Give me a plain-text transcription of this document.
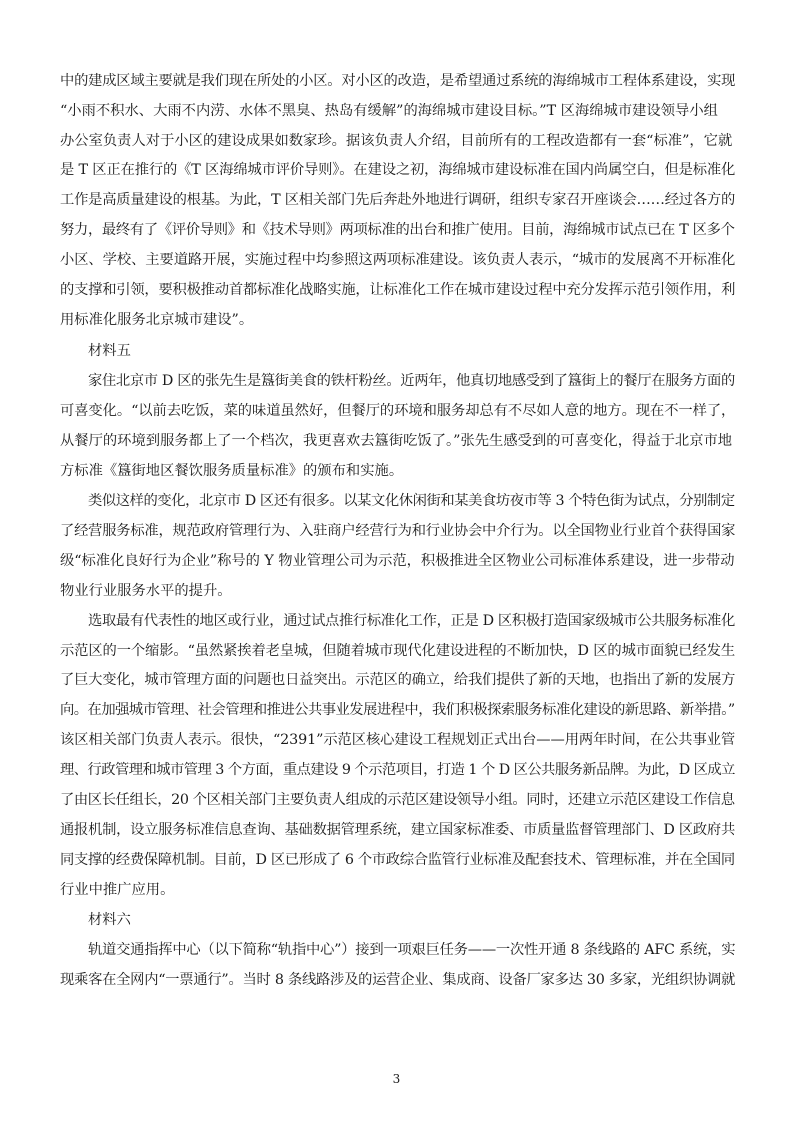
中的建成区域主要就是我们现在所处的小区。对小区的改造，是希望通过系统的海绵城市工程体系建设，实现
“小雨不积水、大雨不内涝、水体不黑臭、热岛有缓解”的海绵城市建设目标。”T 区海绵城市建设领导小组
办公室负责人对于小区的建设成果如数家珍。据该负责人介绍，目前所有的工程改造都有一套“标准”，它就
是 T 区正在推行的《T 区海绵城市评价导则》。在建设之初，海绵城市建设标准在国内尚属空白，但是标准化
工作是高质量建设的根基。为此，T 区相关部门先后奔赴外地进行调研，组织专家召开座谈会……经过各方的
努力，最终有了《评价导则》和《技术导则》两项标准的出台和推广使用。目前，海绵城市试点已在 T 区多个
小区、学校、主要道路开展，实施过程中均参照这两项标准建设。该负责人表示，“城市的发展离不开标准化
的支撑和引领，要积极推动首都标准化战略实施，让标准化工作在城市建设过程中充分发挥示范引领作用，利
用标准化服务北京城市建设”。
材料五
家住北京市 D 区的张先生是簋街美食的铁杆粉丝。近两年，他真切地感受到了簋街上的餐厅在服务方面的
可喜变化。“以前去吃饭，菜的味道虽然好，但餐厅的环境和服务却总有不尽如人意的地方。现在不一样了，
从餐厅的环境到服务都上了一个档次，我更喜欢去簋街吃饭了。”张先生感受到的可喜变化，得益于北京市地
方标准《簋街地区餐饮服务质量标准》的颁布和实施。
类似这样的变化，北京市 D 区还有很多。以某文化休闲街和某美食坊夜市等 3 个特色街为试点，分别制定
了经营服务标准，规范政府管理行为、入驻商户经营行为和行业协会中介行为。以全国物业行业首个获得国家
级“标准化良好行为企业”称号的 Y 物业管理公司为示范，积极推进全区物业公司标准体系建设，进一步带动
物业行业服务水平的提升。
选取最有代表性的地区或行业，通过试点推行标准化工作，正是 D 区积极打造国家级城市公共服务标准化
示范区的一个缩影。“虽然紧挨着老皇城，但随着城市现代化建设进程的不断加快，D 区的城市面貌已经发生
了巨大变化，城市管理方面的问题也日益突出。示范区的确立，给我们提供了新的天地，也指出了新的发展方
向。在加强城市管理、社会管理和推进公共事业发展进程中，我们积极探索服务标准化建设的新思路、新举措。”
该区相关部门负责人表示。很快，“2391”示范区核心建设工程规划正式出台——用两年时间，在公共事业管
理、行政管理和城市管理 3 个方面，重点建设 9 个示范项目，打造 1 个 D 区公共服务新品牌。为此，D 区成立
了由区长任组长，20 个区相关部门主要负责人组成的示范区建设领导小组。同时，还建立示范区建设工作信息
通报机制，设立服务标准信息查询、基础数据管理系统，建立国家标准委、市质量监督管理部门、D 区政府共
同支撑的经费保障机制。目前，D 区已形成了 6 个市政综合监管行业标准及配套技术、管理标准，并在全国同
行业中推广应用。
材料六
轨道交通指挥中心（以下简称“轨指中心”）接到一项艰巨任务——一次性开通 8 条线路的 AFC 系统，实
现乘客在全网内“一票通行”。当时 8 条线路涉及的运营企业、集成商、设备厂家多达 30 多家，光组织协调就
3
